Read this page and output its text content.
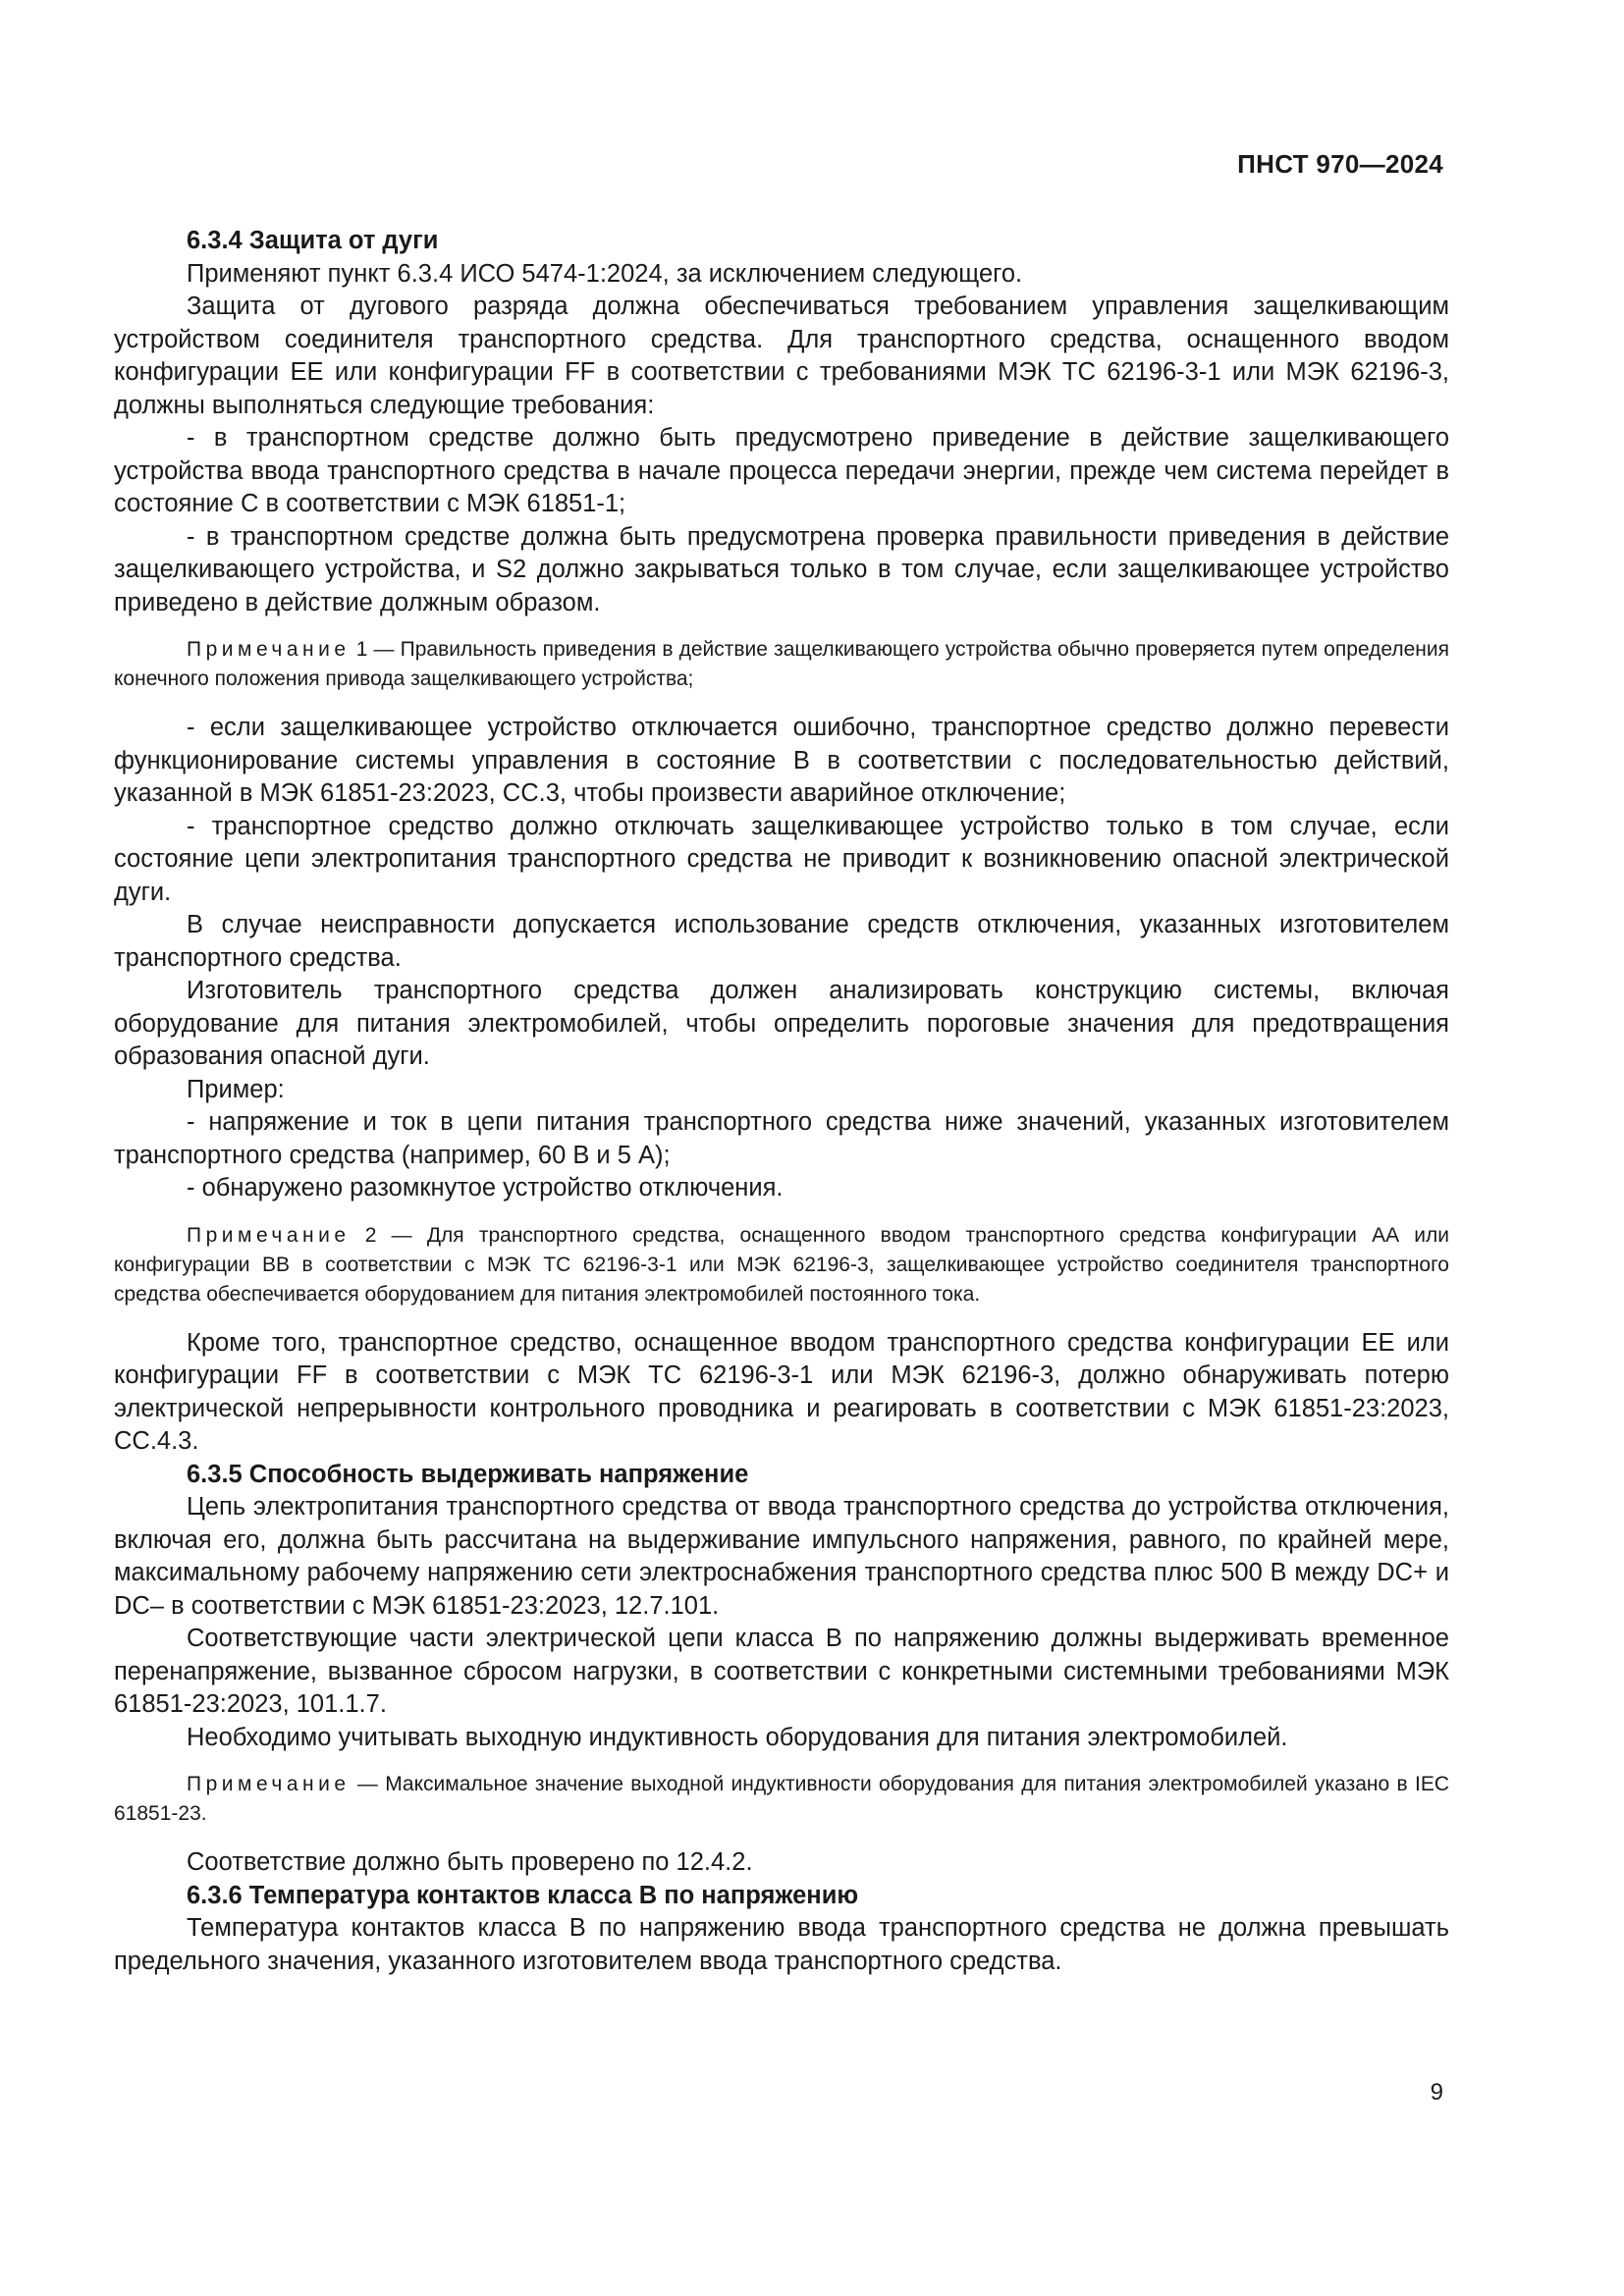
ПНСТ 970—2024

6.3.4 Защита от дуги

Применяют пункт 6.3.4 ИСО 5474-1:2024, за исключением следующего.

Защита от дугового разряда должна обеспечиваться требованием управления защелкивающим устройством соединителя транспортного средства. Для транспортного средства, оснащенного вводом конфигурации EE или конфигурации FF в соответствии с требованиями МЭК ТС 62196-3-1 или МЭК 62196-3, должны выполняться следующие требования:

- в транспортном средстве должно быть предусмотрено приведение в действие защелкивающего устройства ввода транспортного средства в начале процесса передачи энергии, прежде чем система перейдет в состояние С в соответствии с МЭК 61851-1;

- в транспортном средстве должна быть предусмотрена проверка правильности приведения в действие защелкивающего устройства, и S2 должно закрываться только в том случае, если защелкивающее устройство приведено в действие должным образом.

Примечание 1 — Правильность приведения в действие защелкивающего устройства обычно проверяется путем определения конечного положения привода защелкивающего устройства;

- если защелкивающее устройство отключается ошибочно, транспортное средство должно перевести функционирование системы управления в состояние В в соответствии с последовательностью действий, указанной в МЭК 61851-23:2023, СС.3, чтобы произвести аварийное отключение;

- транспортное средство должно отключать защелкивающее устройство только в том случае, если состояние цепи электропитания транспортного средства не приводит к возникновению опасной электрической дуги.

В случае неисправности допускается использование средств отключения, указанных изготовителем транспортного средства.

Изготовитель транспортного средства должен анализировать конструкцию системы, включая оборудование для питания электромобилей, чтобы определить пороговые значения для предотвращения образования опасной дуги.

Пример:

- напряжение и ток в цепи питания транспортного средства ниже значений, указанных изготовителем транспортного средства (например, 60 В и 5 А);

- обнаружено разомкнутое устройство отключения.

Примечание 2 — Для транспортного средства, оснащенного вводом транспортного средства конфигурации АА или конфигурации ВВ в соответствии с МЭК ТС 62196-3-1 или МЭК 62196-3, защелкивающее устройство соединителя транспортного средства обеспечивается оборудованием для питания электромобилей постоянного тока.

Кроме того, транспортное средство, оснащенное вводом транспортного средства конфигурации ЕЕ или конфигурации FF в соответствии с МЭК ТС 62196-3-1 или МЭК 62196-3, должно обнаруживать потерю электрической непрерывности контрольного проводника и реагировать в соответствии с МЭК 61851-23:2023, СС.4.3.

6.3.5 Способность выдерживать напряжение

Цепь электропитания транспортного средства от ввода транспортного средства до устройства отключения, включая его, должна быть рассчитана на выдерживание импульсного напряжения, равного, по крайней мере, максимальному рабочему напряжению сети электроснабжения транспортного средства плюс 500 В между DC+ и DC– в соответствии с МЭК 61851-23:2023, 12.7.101.

Соответствующие части электрической цепи класса В по напряжению должны выдерживать временное перенапряжение, вызванное сбросом нагрузки, в соответствии с конкретными системными требованиями МЭК 61851-23:2023, 101.1.7.

Необходимо учитывать выходную индуктивность оборудования для питания электромобилей.

Примечание — Максимальное значение выходной индуктивности оборудования для питания электромобилей указано в IEC 61851-23.

Соответствие должно быть проверено по 12.4.2.

6.3.6 Температура контактов класса В по напряжению

Температура контактов класса В по напряжению ввода транспортного средства не должна превышать предельного значения, указанного изготовителем ввода транспортного средства.

9
